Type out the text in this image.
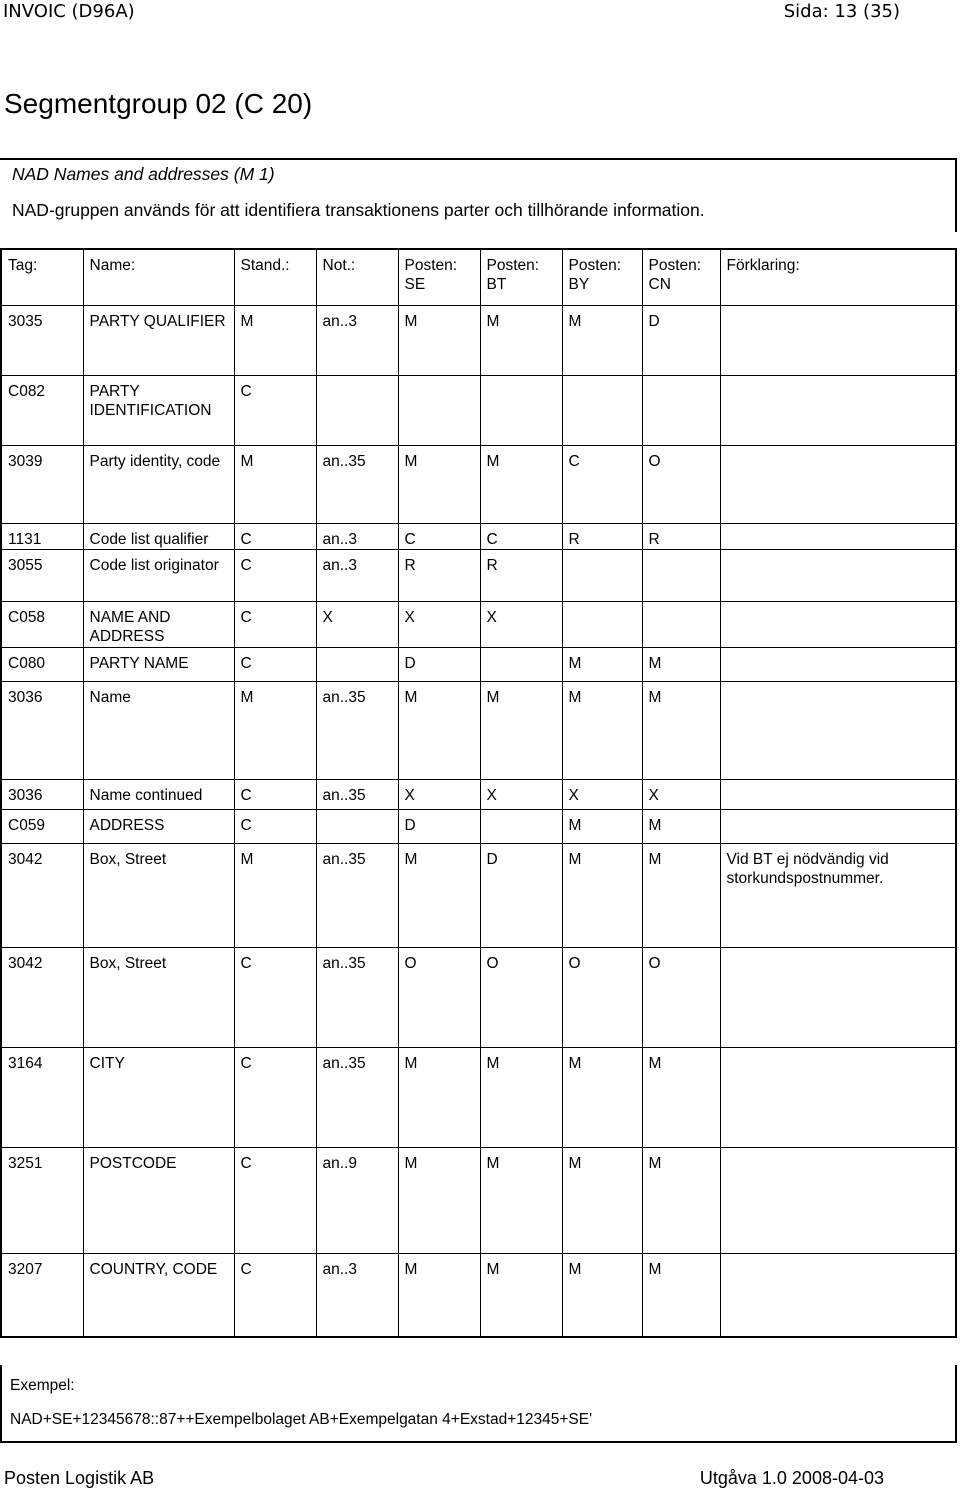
INVOIC (D96A)	Sida: 13 (35)
Segmentgroup 02 (C 20)
NAD Names and addresses (M 1)
NAD-gruppen används för att identifiera transaktionens parter och tillhörande information.
Tag:	Name:	Stand.:	Not.:	Posten: SE	Posten: BT	Posten: BY	Posten: CN	Förklaring:
3035	PARTY QUALIFIER	M	an..3	M	M	M	D	
C082	PARTY IDENTIFICATION	C						
3039	Party identity, code	M	an..35	M	M	C	O	
1131	Code list qualifier	C	an..3	C	C	R	R	
3055	Code list originator	C	an..3	R	R			
C058	NAME AND ADDRESS	C	X	X	X			
C080	PARTY NAME	C		D		M	M	
3036	Name	M	an..35	M	M	M	M	
3036	Name continued	C	an..35	X	X	X	X	
C059	ADDRESS	C		D		M	M	
3042	Box, Street	M	an..35	M	D	M	M	Vid BT ej nödvändig vid storkundspostnummer.
3042	Box, Street	C	an..35	O	O	O	O	
3164	CITY	C	an..35	M	M	M	M	
3251	POSTCODE	C	an..9	M	M	M	M	
3207	COUNTRY, CODE	C	an..3	M	M	M	M	
Exempel:
NAD+SE+12345678::87++Exempelbolaget AB+Exempelgatan 4+Exstad+12345+SE'
Posten Logistik AB	Utgåva 1.0 2008-04-03
